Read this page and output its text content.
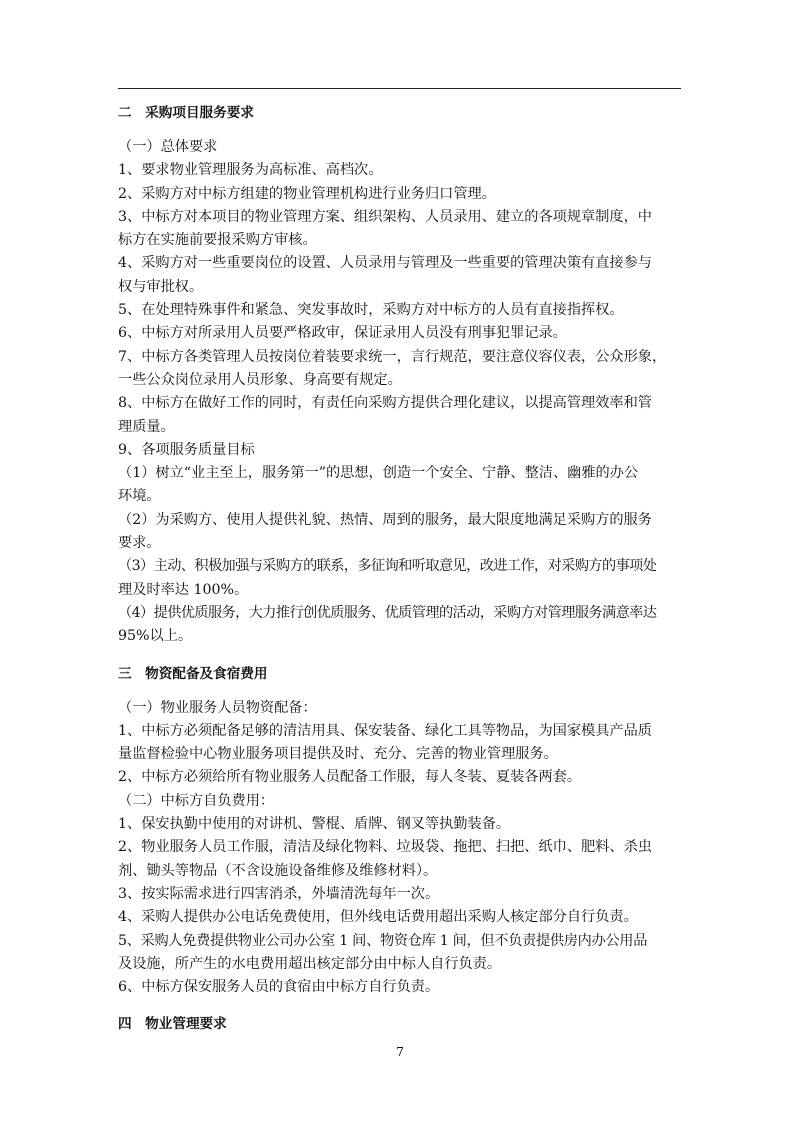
二　采购项目服务要求

（一）总体要求

1、要求物业管理服务为高标准、高档次。

2、采购方对中标方组建的物业管理机构进行业务归口管理。

3、中标方对本项目的物业管理方案、组织架构、人员录用、建立的各项规章制度，中

标方在实施前要报采购方审核。

4、采购方对一些重要岗位的设置、人员录用与管理及一些重要的管理决策有直接参与

权与审批权。

5、在处理特殊事件和紧急、突发事故时，采购方对中标方的人员有直接指挥权。

6、中标方对所录用人员要严格政审，保证录用人员没有刑事犯罪记录。

7、中标方各类管理人员按岗位着装要求统一，言行规范，要注意仪容仪表，公众形象，

一些公众岗位录用人员形象、身高要有规定。

8、中标方在做好工作的同时，有责任向采购方提供合理化建议，以提高管理效率和管

理质量。

9、各项服务质量目标

（1）树立“业主至上，服务第一”的思想，创造一个安全、宁静、整洁、幽雅的办公

环境。

（2）为采购方、使用人提供礼貌、热情、周到的服务，最大限度地满足采购方的服务

要求。

（3）主动、积极加强与采购方的联系，多征询和听取意见，改进工作，对采购方的事项处

理及时率达 100%。

（4）提供优质服务，大力推行创优质服务、优质管理的活动，采购方对管理服务满意率达

95%以上。

三　物资配备及食宿费用

（一）物业服务人员物资配备：

1、中标方必须配备足够的清洁用具、保安装备、绿化工具等物品，为国家模具产品质

量监督检验中心物业服务项目提供及时、充分、完善的物业管理服务。

2、中标方必须给所有物业服务人员配备工作服，每人冬装、夏装各两套。

（二）中标方自负费用：

1、保安执勤中使用的对讲机、警棍、盾牌、钢叉等执勤装备。

2、物业服务人员工作服，清洁及绿化物料、垃圾袋、拖把、扫把、纸巾、肥料、杀虫

剂、锄头等物品（不含设施设备维修及维修材料）。

3、按实际需求进行四害消杀，外墙清洗每年一次。

4、采购人提供办公电话免费使用，但外线电话费用超出采购人核定部分自行负责。

5、采购人免费提供物业公司办公室 1 间、物资仓库 1 间，但不负责提供房内办公用品

及设施，所产生的水电费用超出核定部分由中标人自行负责。

6、中标方保安服务人员的食宿由中标方自行负责。

四　物业管理要求
7
